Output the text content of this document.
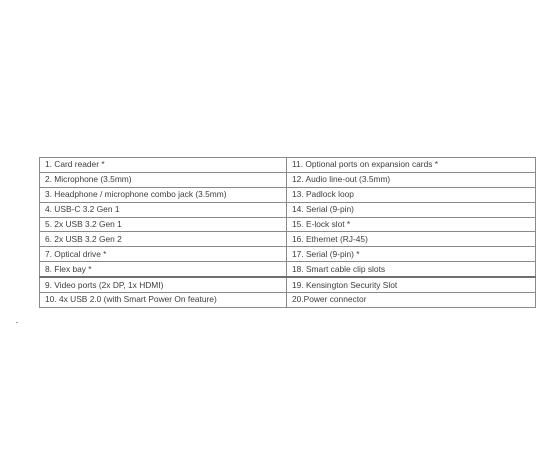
1. Card reader *	11. Optional ports on expansion cards *
2. Microphone (3.5mm)	12. Audio line-out (3.5mm)
3. Headphone / microphone combo jack (3.5mm)	13. Padlock loop
4. USB-C 3.2 Gen 1	14. Serial (9-pin)
5. 2x USB 3.2 Gen 1	15. E-lock slot *
6. 2x USB 3.2 Gen 2	16. Ethernet (RJ-45)
7. Optical drive *	17. Serial (9-pin) *
8. Flex bay *	18. Smart cable clip slots
9. Video ports (2x DP, 1x HDMI)	19. Kensington Security Slot
10. 4x USB 2.0 (with Smart Power On feature)	20.Power connector
